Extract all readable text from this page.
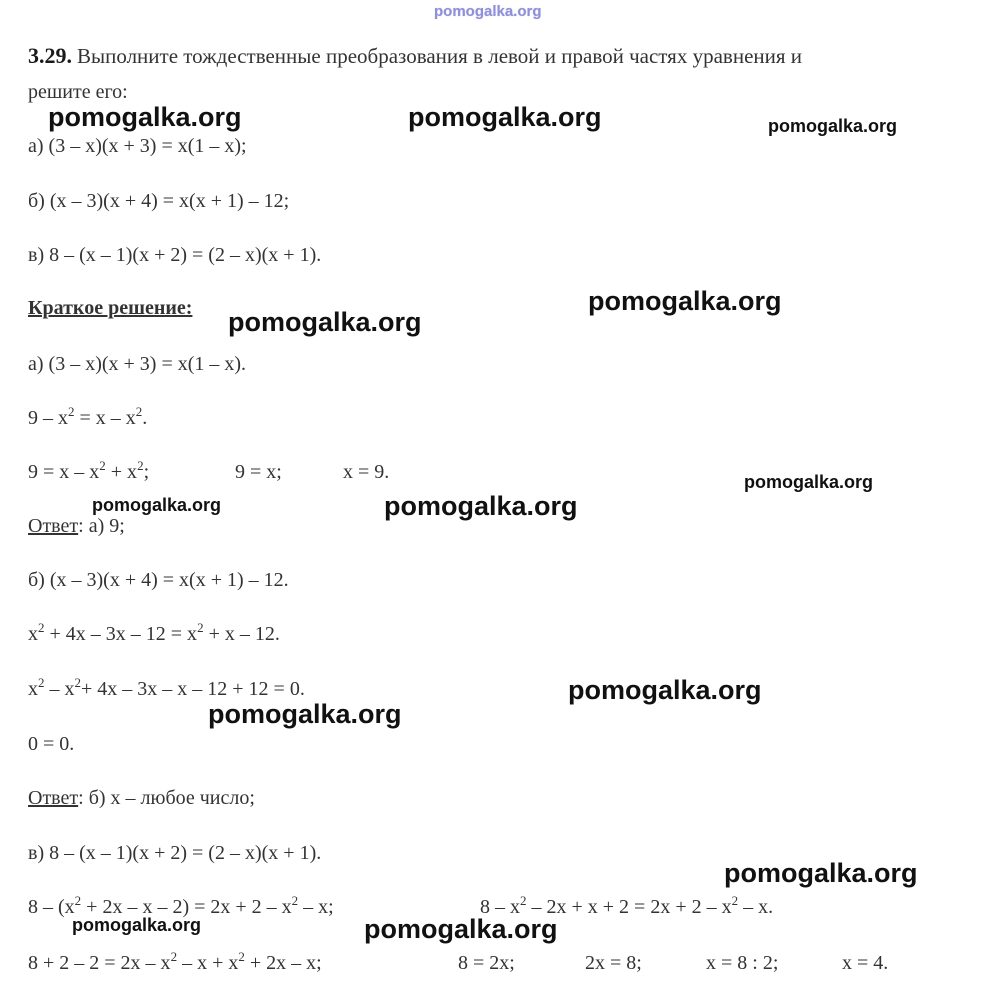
pomogalka.org
3.29. Выполните тождественные преобразования в левой и правой частях уравнения и
решите его:
а) (3 – x)(x + 3) = x(1 – x);
б) (x – 3)(x + 4) = x(x + 1) – 12;
в) 8 – (x – 1)(x + 2) = (2 – x)(x + 1).
Краткое решение:
а) (3 – x)(x + 3) = x(1 – x).
$9 - x^2 = x - x^2$.
$9 = x - x^2 + x^2$;	9 = x;	x = 9.
Ответ: а) 9;
б) (x – 3)(x + 4) = x(x + 1) – 12.
$x^2 + 4x - 3x - 12 = x^2 + x - 12$.
$x^2 - x^2+ 4x - 3x - x - 12 + 12 = 0$.
0 = 0.
Ответ: б) x – любое число;
в) 8 – (x – 1)(x + 2) = (2 – x)(x + 1).
$8 - (x^2 + 2x - x - 2) = 2x + 2 - x^2 - x$;	$8 - x^2 - 2x + x + 2 = 2x + 2 - x^2 - x$.
$8 + 2 - 2 = 2x - x^2 - x + x^2 + 2x - x$;	8 = 2x;	2x = 8;	x = 8 : 2;	x = 4.
pomogalka.org	pomogalka.org	pomogalka.org
pomogalka.org
pomogalka.org
pomogalka.org	pomogalka.org
pomogalka.org
pomogalka.org
pomogalka.org
pomogalka.org
pomogalka.org	pomogalka.org
